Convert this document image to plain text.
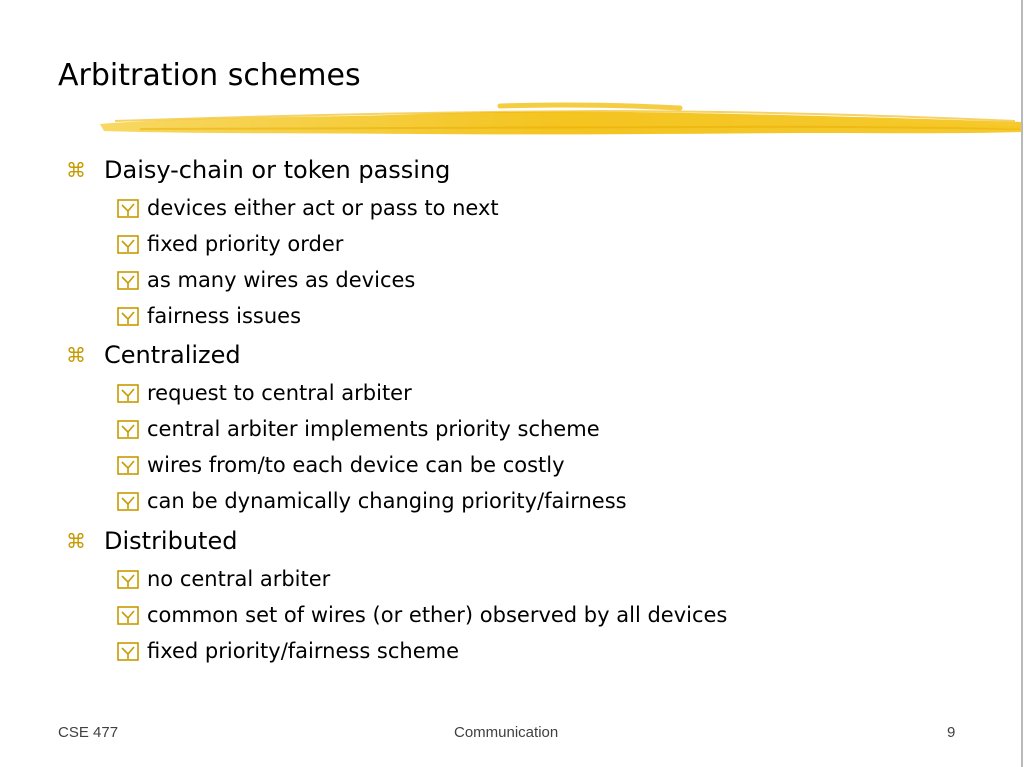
Arbitration schemes
⌘ Daisy-chain or token passing
devices either act or pass to next
fixed priority order
as many wires as devices
fairness issues
⌘ Centralized
request to central arbiter
central arbiter implements priority scheme
wires from/to each device can be costly
can be dynamically changing priority/fairness
⌘ Distributed
no central arbiter
common set of wires (or ether) observed by all devices
fixed priority/fairness scheme
CSE 477	Communication	9
